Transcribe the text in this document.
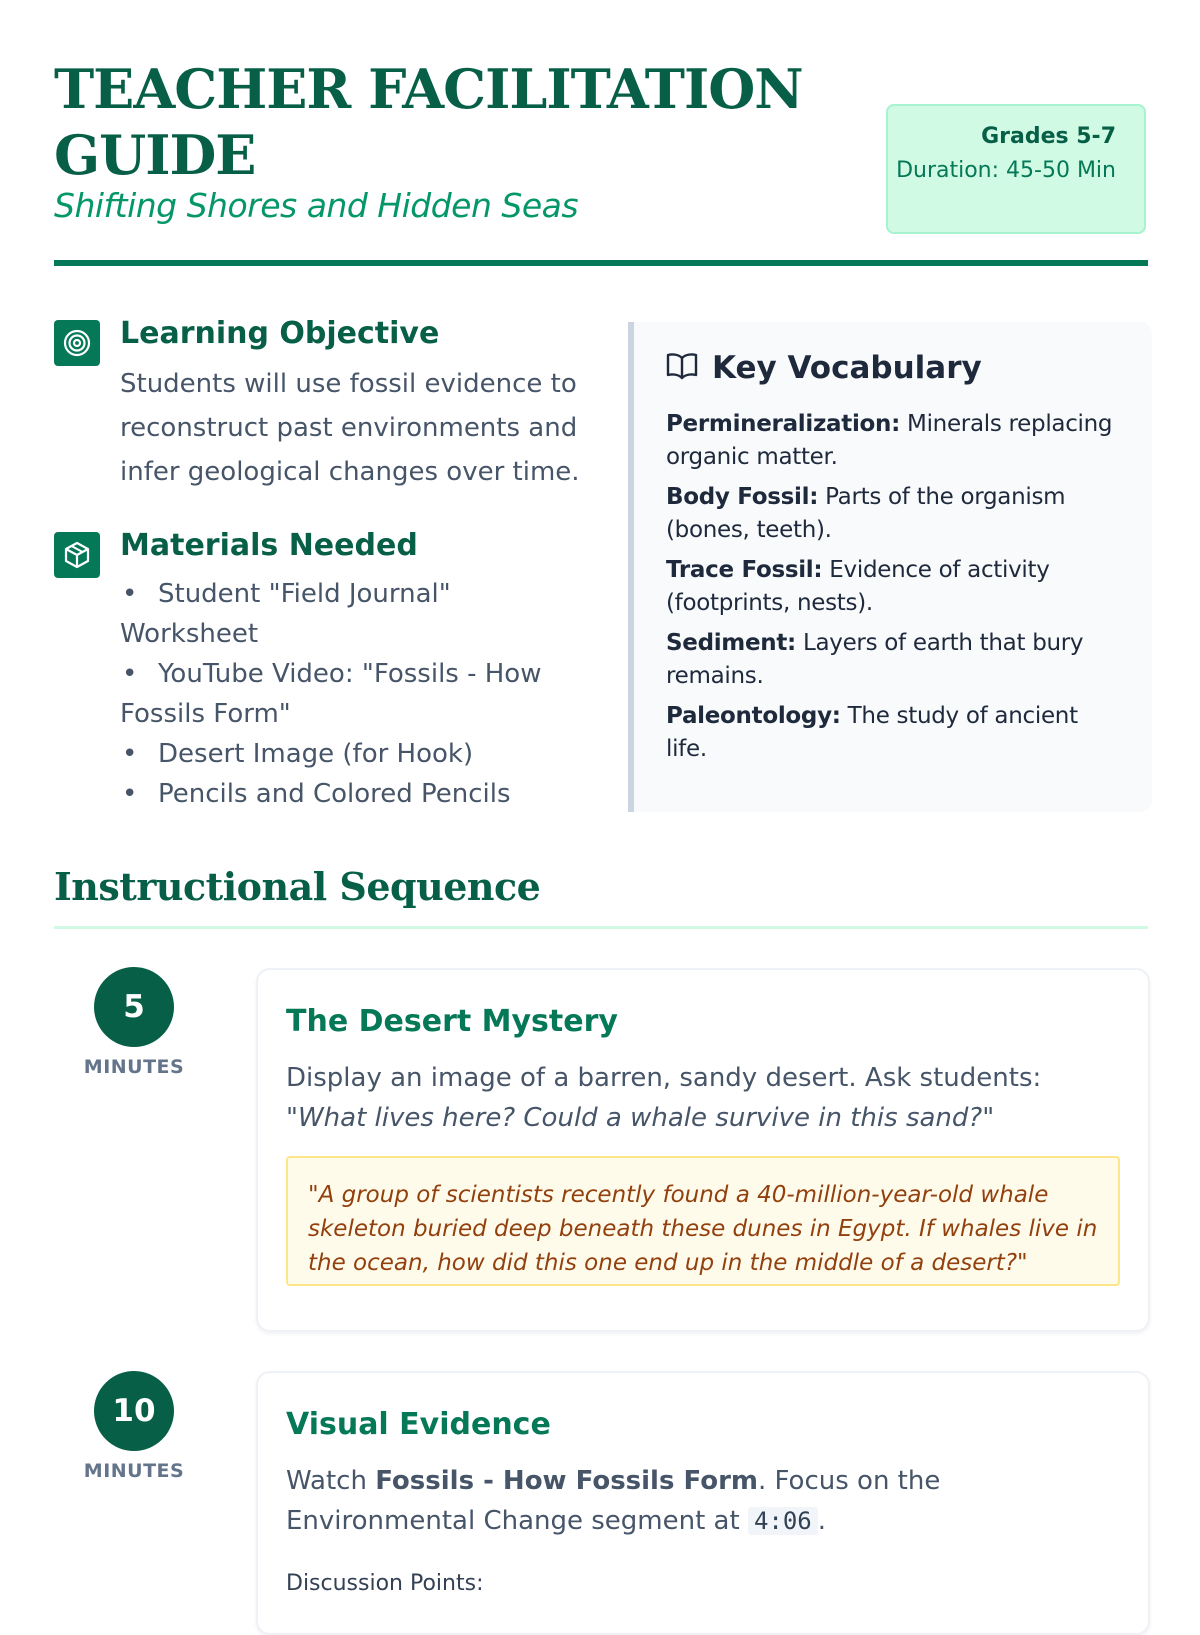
TEACHER FACILITATION GUIDE

Shifting Shores and Hidden Seas

Grades 5-7
Duration: 45-50 Min
Learning Objective

Students will use fossil evidence to reconstruct past environments and infer geological changes over time.

Materials Needed
• Student "Field Journal" Worksheet
• YouTube Video: "Fossils - How Fossils Form"
• Desert Image (for Hook)
• Pencils and Colored Pencils
Key Vocabulary

Permineralization: Minerals replacing organic matter.

Body Fossil: Parts of the organism (bones, teeth).

Trace Fossil: Evidence of activity (footprints, nests).

Sediment: Layers of earth that bury remains.

Paleontology: The study of ancient life.

Instructional Sequence
5
MINUTES
The Desert Mystery

Display an image of a barren, sandy desert. Ask students: "What lives here? Could a whale survive in this sand?"

"A group of scientists recently found a 40-million-year-old whale skeleton buried deep beneath these dunes in Egypt. If whales live in the ocean, how did this one end up in the middle of a desert?"
10
MINUTES
Visual Evidence

Watch Fossils - How Fossils Form. Focus on the Environmental Change segment at 4:06 .

Discussion Points:
